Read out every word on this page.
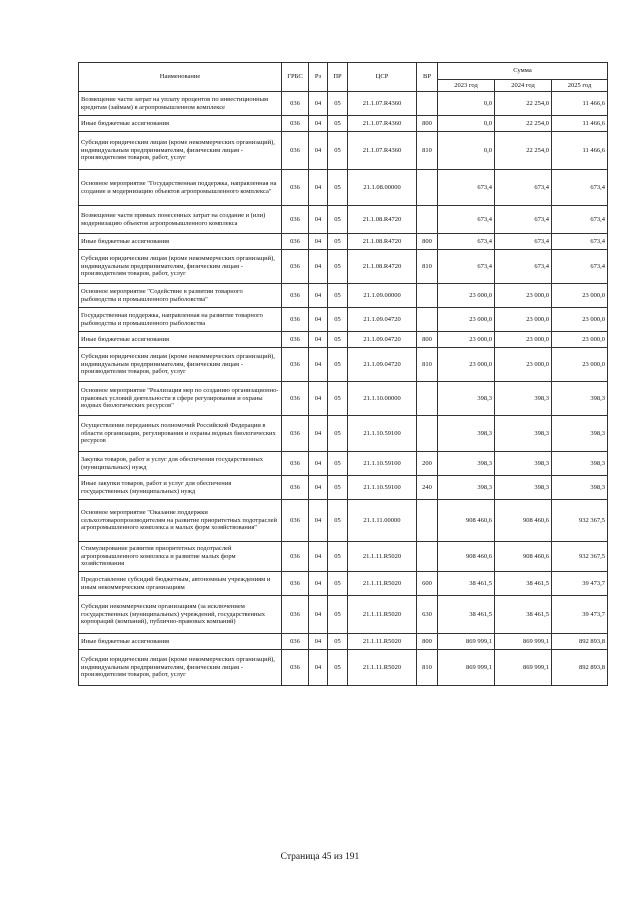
Наименование	ГРБС	Рз	ПР	ЦСР	ВР	Сумма		
						2023 год	2024 год	2025 год
Возмещение части затрат на уплату процентов по инвестиционным кредитам (займам) в агропромышленном комплексе	036	04	05	21.1.07.R4360		0,0	22 254,0	11 466,6
Иные бюджетные ассигнования	036	04	05	21.1.07.R4360	800	0,0	22 254,0	11 466,6
Субсидии юридическим лицам (кроме некоммерческих организаций), индивидуальным предпринимателям, физическим лицам - производителям товаров, работ, услуг	036	04	05	21.1.07.R4360	810	0,0	22 254,0	11 466,6
Основное мероприятие "Государственная поддержка, направленная на создание и модернизацию объектов агропромышленного комплекса"	036	04	05	21.1.08.00000		673,4	673,4	673,4
Возмещение части прямых понесенных затрат на создание и (или) модернизацию объектов агропромышленного комплекса	036	04	05	21.1.08.R4720		673,4	673,4	673,4
Иные бюджетные ассигнования	036	04	05	21.1.08.R4720	800	673,4	673,4	673,4
Субсидии юридическим лицам (кроме некоммерческих организаций), индивидуальным предпринимателям, физическим лицам - производителям товаров, работ, услуг	036	04	05	21.1.08.R4720	810	673,4	673,4	673,4
Основное мероприятие "Содействие в развитии товарного рыбоводства и промышленного рыболовства"	036	04	05	21.1.09.00000		23 000,0	23 000,0	23 000,0
Государственная поддержка, направленная на развитие товарного рыбоводства и промышленного рыболовства	036	04	05	21.1.09.04720		23 000,0	23 000,0	23 000,0
Иные бюджетные ассигнования	036	04	05	21.1.09.04720	800	23 000,0	23 000,0	23 000,0
Субсидии юридическим лицам (кроме некоммерческих организаций), индивидуальным предпринимателям, физическим лицам - производителям товаров, работ, услуг	036	04	05	21.1.09.04720	810	23 000,0	23 000,0	23 000,0
Основное мероприятие "Реализация мер по созданию организационно-правовых условий деятельности в сфере регулирования и охраны водных биологических ресурсов"	036	04	05	21.1.10.00000		398,3	398,3	398,3
Осуществление переданных полномочий Российской Федерации в области организации, регулирования и охраны водных биологических ресурсов	036	04	05	21.1.10.59100		398,3	398,3	398,3
Закупка товаров, работ и услуг для обеспечения государственных (муниципальных) нужд	036	04	05	21.1.10.59100	200	398,3	398,3	398,3
Иные закупки товаров, работ и услуг для обеспечения государственных (муниципальных) нужд	036	04	05	21.1.10.59100	240	398,3	398,3	398,3
Основное мероприятие "Оказание поддержки сельхозтоваропроизводителям на развитие приоритетных подотраслей агропромышленного комплекса и малых форм хозяйствования"	036	04	05	21.1.11.00000		908 460,6	908 460,6	932 367,5
Стимулирование развития приоритетных подотраслей агропромышленного комплекса и развитие малых форм хозяйствования	036	04	05	21.1.11.R5020		908 460,6	908 460,6	932 367,5
Предоставление субсидий бюджетным, автономным учреждениям и иным некоммерческим организациям	036	04	05	21.1.11.R5020	600	38 461,5	38 461,5	39 473,7
Субсидии некоммерческим организациям (за исключением государственных (муниципальных) учреждений, государственных корпораций (компаний), публично-правовых компаний)	036	04	05	21.1.11.R5020	630	38 461,5	38 461,5	39 473,7
Иные бюджетные ассигнования	036	04	05	21.1.11.R5020	800	869 999,1	869 999,1	892 893,8
Субсидии юридическим лицам (кроме некоммерческих организаций), индивидуальным предпринимателям, физическим лицам - производителям товаров, работ, услуг	036	04	05	21.1.11.R5020	810	869 999,1	869 999,1	892 893,8
Страница 45 из 191
